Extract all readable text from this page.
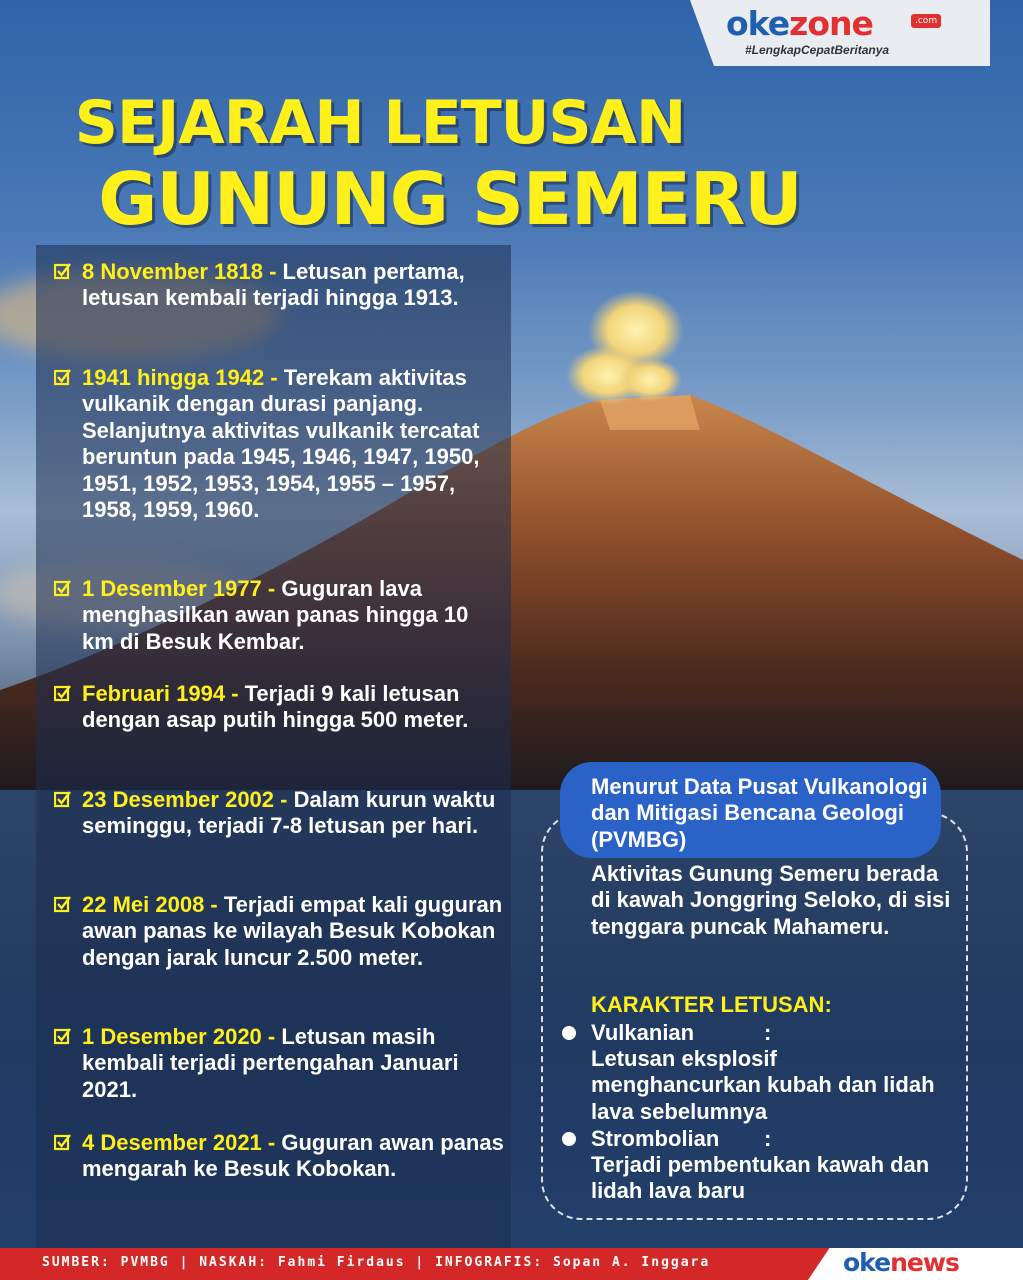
okezone	.com
#LengkapCepatBeritanya
SEJARAH LETUSAN
GUNUNG SEMERU
8 November 1818 - Letusan pertama, letusan kembali terjadi hingga 1913.
1941 hingga 1942 - Terekam aktivitas vulkanik dengan durasi panjang. Selanjutnya aktivitas vulkanik tercatat beruntun pada 1945, 1946, 1947, 1950, 1951, 1952, 1953, 1954, 1955 – 1957, 1958, 1959, 1960.
1 Desember 1977 - Guguran lava menghasilkan awan panas hingga 10 km di Besuk Kembar.
Februari 1994 - Terjadi 9 kali letusan dengan asap putih hingga 500 meter.
23 Desember 2002 - Dalam kurun waktu seminggu, terjadi 7-8 letusan per hari.
22 Mei 2008 - Terjadi empat kali guguran awan panas ke wilayah Besuk Kobokan dengan jarak luncur 2.500 meter.
1 Desember 2020 - Letusan masih kembali terjadi pertengahan Januari 2021.
4 Desember 2021 - Guguran awan panas mengarah ke Besuk Kobokan.
Menurut Data Pusat Vulkanologi dan Mitigasi Bencana Geologi (PVMBG)
Aktivitas Gunung Semeru berada di kawah Jonggring Seloko, di sisi tenggara puncak Mahameru.
KARAKTER LETUSAN:
Vulkanian	:
Letusan eksplosif menghancurkan kubah dan lidah lava sebelumnya
Strombolian :
Terjadi pembentukan kawah dan lidah lava baru
SUMBER: PVMBG | NASKAH: Fahmi Firdaus | INFOGRAFIS: Sopan A. Inggara	okenews
